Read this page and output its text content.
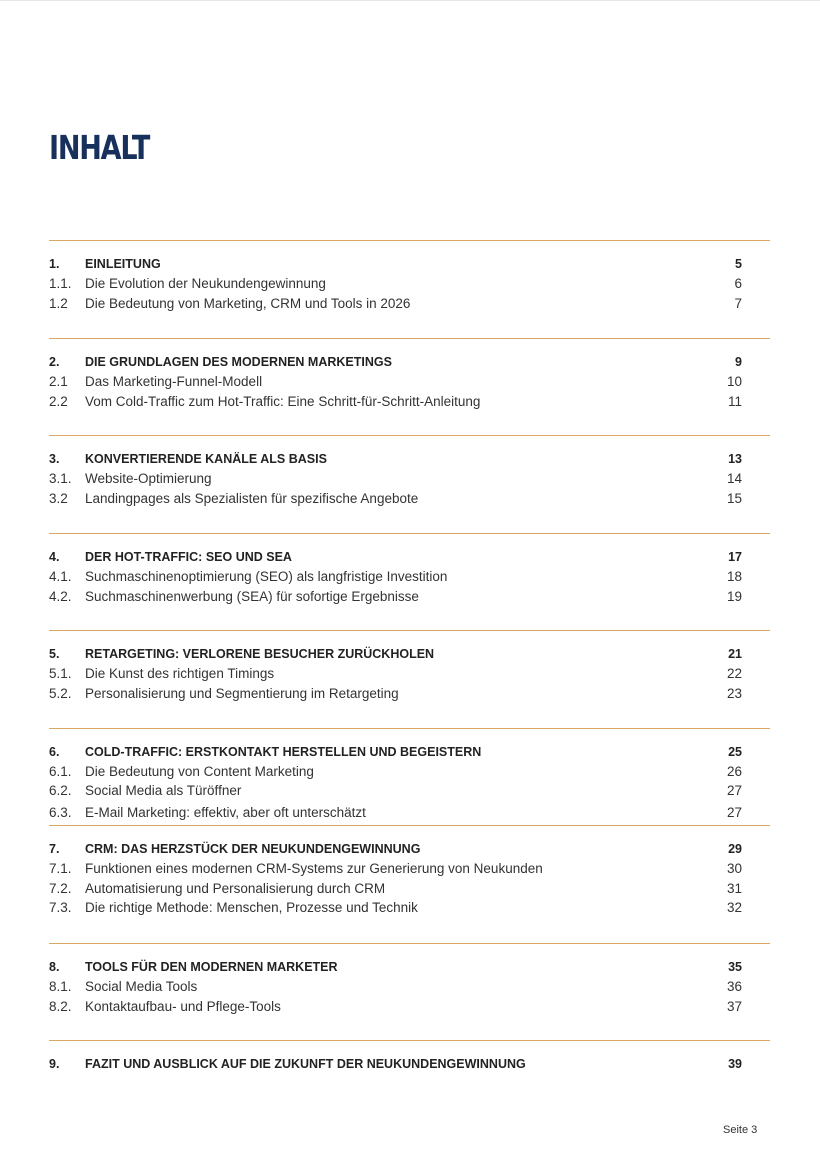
INHALT
1. EINLEITUNG	5
1.1. Die Evolution der Neukundengewinnung	6
1.2 Die Bedeutung von Marketing, CRM und Tools in 2026	7
2. DIE GRUNDLAGEN DES MODERNEN MARKETINGS	9
2.1 Das Marketing-Funnel-Modell	10
2.2 Vom Cold-Traffic zum Hot-Traffic: Eine Schritt-für-Schritt-Anleitung	11
3. KONVERTIERENDE KANÄLE ALS BASIS	13
3.1. Website-Optimierung	14
3.2 Landingpages als Spezialisten für spezifische Angebote	15
4. DER HOT-TRAFFIC: SEO UND SEA	17
4.1. Suchmaschinenoptimierung (SEO) als langfristige Investition	18
4.2. Suchmaschinenwerbung (SEA) für sofortige Ergebnisse	19
5. RETARGETING: VERLORENE BESUCHER ZURÜCKHOLEN	21
5.1. Die Kunst des richtigen Timings	22
5.2. Personalisierung und Segmentierung im Retargeting	23
6. COLD-TRAFFIC: ERSTKONTAKT HERSTELLEN UND BEGEISTERN	25
6.1. Die Bedeutung von Content Marketing	26
6.2. Social Media als Türöffner	27
6.3. E-Mail Marketing: effektiv, aber oft unterschätzt	27
7. CRM: DAS HERZSTÜCK DER NEUKUNDENGEWINNUNG	29
7.1. Funktionen eines modernen CRM-Systems zur Generierung von Neukunden	30
7.2. Automatisierung und Personalisierung durch CRM	31
7.3. Die richtige Methode: Menschen, Prozesse und Technik	32
8. TOOLS FÜR DEN MODERNEN MARKETER	35
8.1. Social Media Tools	36
8.2. Kontaktaufbau- und Pflege-Tools	37
9. FAZIT UND AUSBLICK AUF DIE ZUKUNFT DER NEUKUNDENGEWINNUNG	39
Seite 3
